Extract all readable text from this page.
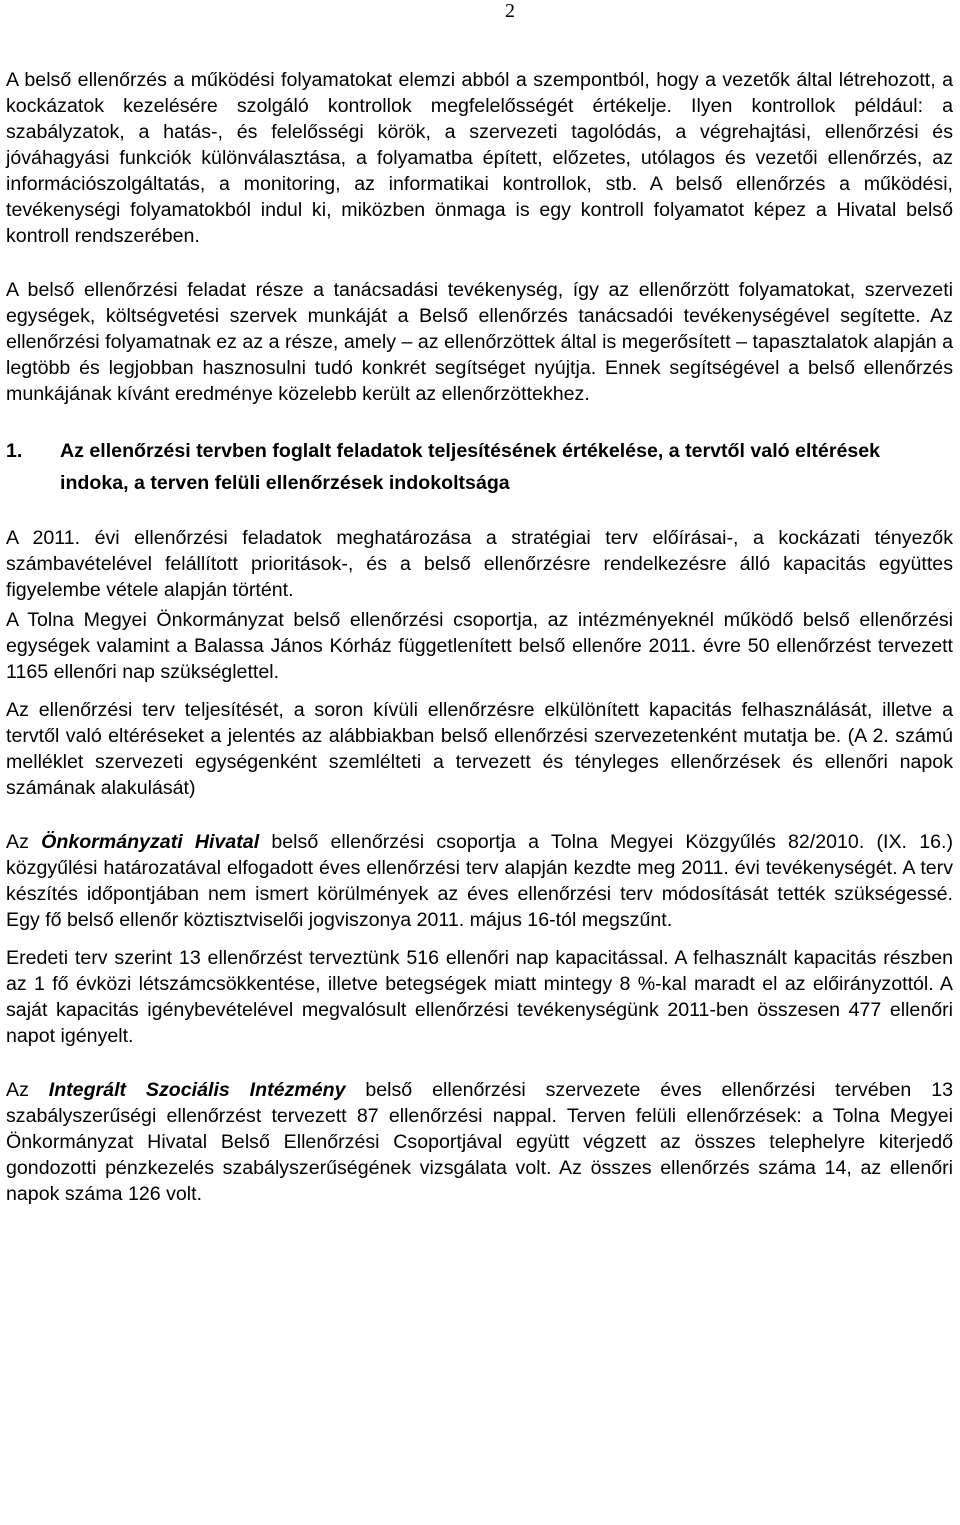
2

A belső ellenőrzés a működési folyamatokat elemzi abból a szempontból, hogy a vezetők által létrehozott, a kockázatok kezelésére szolgáló kontrollok megfelelősségét értékelje. Ilyen kontrollok például: a szabályzatok, a hatás-, és felelősségi körök, a szervezeti tagolódás, a végrehajtási, ellenőrzési és jóváhagyási funkciók különválasztása, a folyamatba épített, előzetes, utólagos és vezetői ellenőrzés, az információszolgáltatás, a monitoring, az informatikai kontrollok, stb. A belső ellenőrzés a működési, tevékenységi folyamatokból indul ki, miközben önmaga is egy kontroll folyamatot képez a Hivatal belső kontroll rendszerében.

A belső ellenőrzési feladat része a tanácsadási tevékenység, így az ellenőrzött folyamatokat, szervezeti egységek, költségvetési szervek munkáját a Belső ellenőrzés tanácsadói tevékenységével segítette. Az ellenőrzési folyamatnak ez az a része, amely – az ellenőrzöttek által is megerősített – tapasztalatok alapján a legtöbb és legjobban hasznosulni tudó konkrét segítséget nyújtja. Ennek segítségével a belső ellenőrzés munkájának kívánt eredménye közelebb került az ellenőrzöttekhez.

1.	Az ellenőrzési tervben foglalt feladatok teljesítésének értékelése, a tervtől való eltérések indoka, a terven felüli ellenőrzések indokoltsága

A 2011. évi ellenőrzési feladatok meghatározása a stratégiai terv előírásai-, a kockázati tényezők számbavételével felállított prioritások-, és a belső ellenőrzésre rendelkezésre álló kapacitás együttes figyelembe vétele alapján történt.

A Tolna Megyei Önkormányzat belső ellenőrzési csoportja, az intézményeknél működő belső ellenőrzési egységek valamint a Balassa János Kórház függetlenített belső ellenőre 2011. évre 50 ellenőrzést tervezett 1165 ellenőri nap szükséglettel.

Az ellenőrzési terv teljesítését, a soron kívüli ellenőrzésre elkülönített kapacitás felhasználását, illetve a tervtől való eltéréseket a jelentés az alábbiakban belső ellenőrzési szervezetenként mutatja be. (A 2. számú melléklet szervezeti egységenként szemlélteti a tervezett és tényleges ellenőrzések és ellenőri napok számának alakulását)

Az Önkormányzati Hivatal belső ellenőrzési csoportja a Tolna Megyei Közgyűlés 82/2010. (IX. 16.) közgyűlési határozatával elfogadott éves ellenőrzési terv alapján kezdte meg 2011. évi tevékenységét. A terv készítés időpontjában nem ismert körülmények az éves ellenőrzési terv módosítását tették szükségessé. Egy fő belső ellenőr köztisztviselői jogviszonya 2011. május 16-tól megszűnt.

Eredeti terv szerint 13 ellenőrzést terveztünk 516 ellenőri nap kapacitással. A felhasznált kapacitás részben az 1 fő évközi létszámcsökkentése, illetve betegségek miatt mintegy 8 %-kal maradt el az előirányzottól. A saját kapacitás igénybevételével megvalósult ellenőrzési tevékenységünk 2011-ben összesen 477 ellenőri napot igényelt.

Az Integrált Szociális Intézmény belső ellenőrzési szervezete éves ellenőrzési tervében 13 szabályszerűségi ellenőrzést tervezett 87 ellenőrzési nappal. Terven felüli ellenőrzések: a Tolna Megyei Önkormányzat Hivatal Belső Ellenőrzési Csoportjával együtt végzett az összes telephelyre kiterjedő gondozotti pénzkezelés szabályszerűségének vizsgálata volt. Az összes ellenőrzés száma 14, az ellenőri napok száma 126 volt.
